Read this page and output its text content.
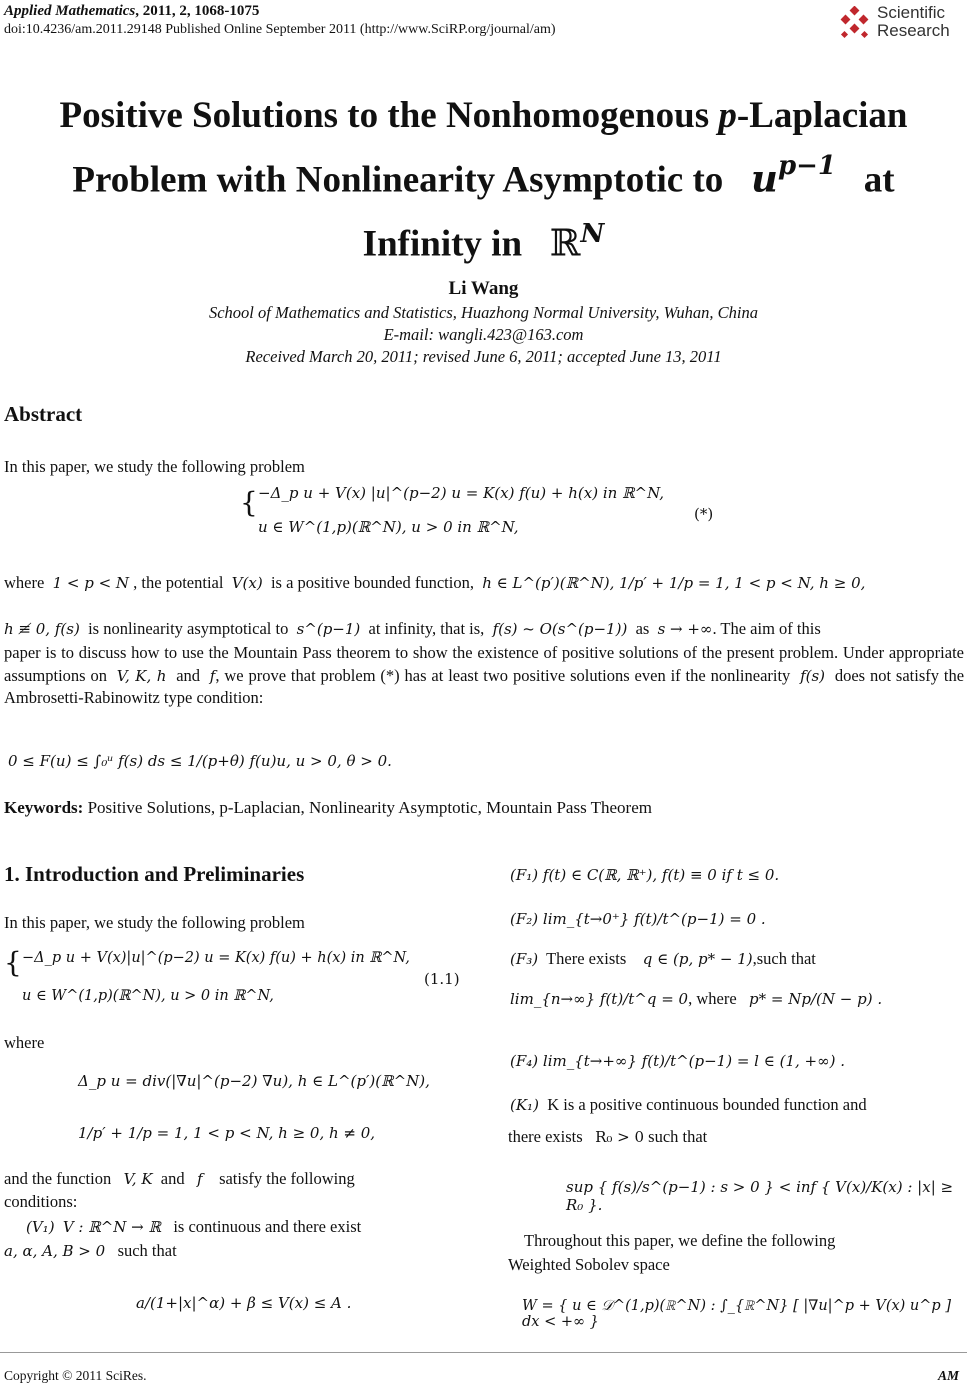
Applied Mathematics, 2011, 2, 1068-1075
doi:10.4236/am.2011.29148 Published Online September 2011 (http://www.SciRP.org/journal/am)
Scientific
Research
Positive Solutions to the Nonhomogenous p-Laplacian
Problem with Nonlinearity Asymptotic to $u^{p-1}$ at
Infinity in ℝ$^N$
Li Wang
School of Mathematics and Statistics, Huazhong Normal University, Wuhan, China
E-mail: wangli.423@163.com
Received March 20, 2011; revised June 6, 2011; accepted June 13, 2011
Abstract
In this paper, we study the following problem
{ −Δ_p u + V(x) |u|^(p−2) u = K(x) f(u) + h(x) in ℝ^N,
u ∈ W^(1,p)(ℝ^N), u > 0 in ℝ^N,
(*)
where 1 < p < N , the potential V(x) is a positive bounded function, h ∈ L^(p′)(ℝ^N), 1/p′ + 1/p = 1, 1 < p < N, h ≥ 0,
h ≢ 0, f(s) is nonlinearity asymptotical to s^(p−1) at infinity, that is, f(s) ~ O(s^(p−1)) as s → +∞. The aim of this
paper is to discuss how to use the Mountain Pass theorem to show the existence of positive solutions of the present problem. Under appropriate assumptions on V, K, h and f, we prove that problem (*) has at least two positive solutions even if the nonlinearity f(s) does not satisfy the Ambrosetti-Rabinowitz type condition:
0 ≤ F(u) ≤ ∫₀ᵘ f(s) ds ≤ 1/(p+θ) f(u)u, u > 0, θ > 0.
Keywords: Positive Solutions, p-Laplacian, Nonlinearity Asymptotic, Mountain Pass Theorem
1. Introduction and Preliminaries
In this paper, we study the following problem
{ −Δ_p u + V(x)|u|^(p−2) u = K(x) f(u) + h(x) in ℝ^N,
u ∈ W^(1,p)(ℝ^N), u > 0 in ℝ^N,
(1.1)
where
Δ_p u = div(|∇u|^(p−2) ∇u), h ∈ L^(p′)(ℝ^N),
1/p′ + 1/p = 1, 1 < p < N, h ≥ 0, h ≠ 0,
and the function V, K and f satisfy the following
conditions:
(V₁) V : ℝ^N → ℝ is continuous and there exist
a, α, A, B > 0 such that
a/(1+|x|^α) + β ≤ V(x) ≤ A .
(F₁) f(t) ∈ C(ℝ, ℝ⁺), f(t) ≡ 0 if t ≤ 0.
(F₂) lim_{t→0⁺} f(t)/t^(p−1) = 0 .
(F₃) There exists q ∈ (p, p* − 1),such that
lim_{n→∞} f(t)/t^q = 0, where p* = Np/(N − p) .
(F₄) lim_{t→+∞} f(t)/t^(p−1) = l ∈ (1, +∞) .
(K₁) K is a positive continuous bounded function and
there exists R₀ > 0 such that
sup { f(s)/s^(p−1) : s > 0 } < inf { V(x)/K(x) : |x| ≥ R₀ }.
Throughout this paper, we define the following
Weighted Sobolev space
W = { u ∈ 𝒟^(1,p)(ℝ^N) : ∫_{ℝ^N} [ |∇u|^p + V(x) u^p ] dx < +∞ }
Copyright © 2011 SciRes.	AM
